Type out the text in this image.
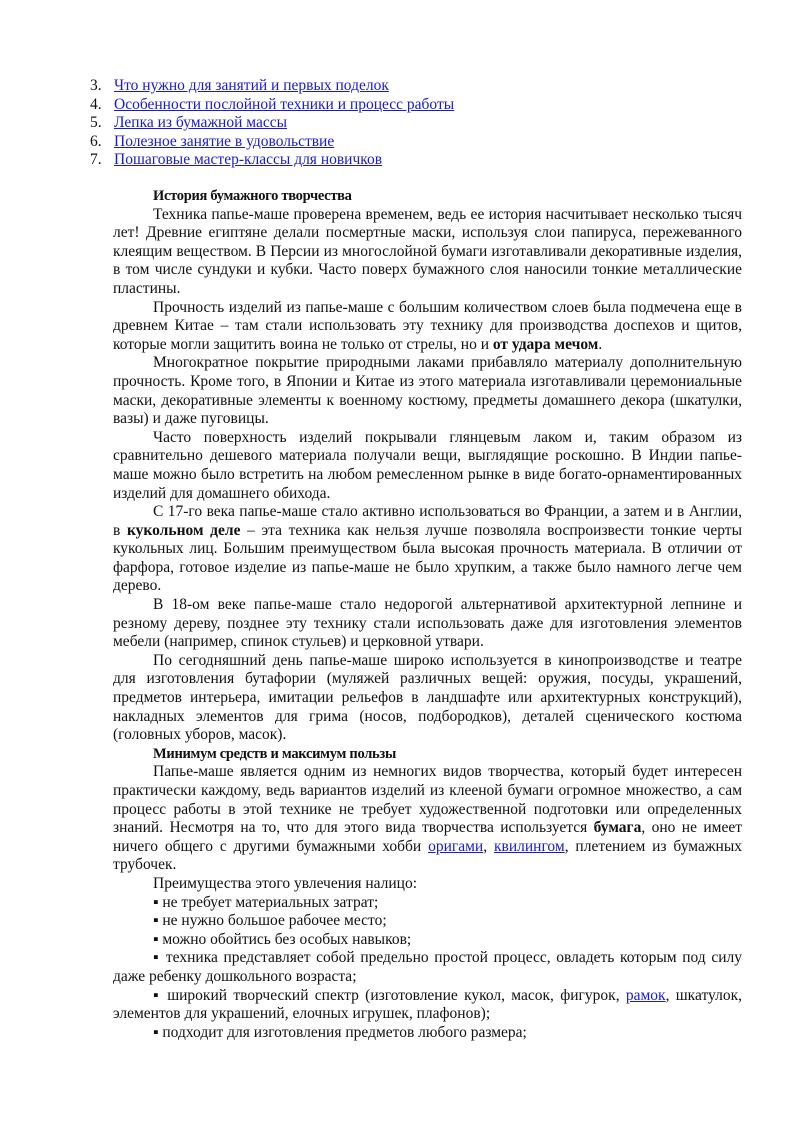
3. Что нужно для занятий и первых поделок
4. Особенности послойной техники и процесс работы
5. Лепка из бумажной массы
6. Полезное занятие в удовольствие
7. Пошаговые мастер-классы для новичков
История бумажного творчества

Техника папье-маше проверена временем, ведь ее история насчитывает несколько тысяч лет! Древние египтяне делали посмертные маски, используя слои папируса, пережеванного клеящим веществом. В Персии из многослойной бумаги изготавливали декоративные изделия, в том числе сундуки и кубки. Часто поверх бумажного слоя наносили тонкие металлические пластины.

Прочность изделий из папье-маше с большим количеством слоев была подмечена еще в древнем Китае – там стали использовать эту технику для производства доспехов и щитов, которые могли защитить воина не только от стрелы, но и от удара мечом.

Многократное покрытие природными лаками прибавляло материалу дополнительную прочность. Кроме того, в Японии и Китае из этого материала изготавливали церемониальные маски, декоративные элементы к военному костюму, предметы домашнего декора (шкатулки, вазы) и даже пуговицы.

Часто поверхность изделий покрывали глянцевым лаком и, таким образом из сравнительно дешевого материала получали вещи, выглядящие роскошно. В Индии папье-маше можно было встретить на любом ремесленном рынке в виде богато-орнаментированных изделий для домашнего обихода.

С 17-го века папье-маше стало активно использоваться во Франции, а затем и в Англии, в кукольном деле – эта техника как нельзя лучше позволяла воспроизвести тонкие черты кукольных лиц. Большим преимуществом была высокая прочность материала. В отличии от фарфора, готовое изделие из папье-маше не было хрупким, а также было намного легче чем дерево.

В 18-ом веке папье-маше стало недорогой альтернативой архитектурной лепнине и резному дереву, позднее эту технику стали использовать даже для изготовления элементов мебели (например, спинок стульев) и церковной утвари.

По сегодняшний день папье-маше широко используется в кинопроизводстве и театре для изготовления бутафории (муляжей различных вещей: оружия, посуды, украшений, предметов интерьера, имитации рельефов в ландшафте или архитектурных конструкций), накладных элементов для грима (носов, подбородков), деталей сценического костюма (головных уборов, масок).

Минимум средств и максимум пользы

Папье-маше является одним из немногих видов творчества, который будет интересен практически каждому, ведь вариантов изделий из клееной бумаги огромное множество, а сам процесс работы в этой технике не требует художественной подготовки или определенных знаний. Несмотря на то, что для этого вида творчества используется бумага, оно не имеет ничего общего с другими бумажными хобби оригами, квилингом, плетением из бумажных трубочек.

Преимущества этого увлечения налицо:

▪ не требует материальных затрат;

▪ не нужно большое рабочее место;

▪ можно обойтись без особых навыков;

▪ техника представляет собой предельно простой процесс, овладеть которым под силу даже ребенку дошкольного возраста;

▪ широкий творческий спектр (изготовление кукол, масок, фигурок, рамок, шкатулок, элементов для украшений, елочных игрушек, плафонов);

▪ подходит для изготовления предметов любого размера;
